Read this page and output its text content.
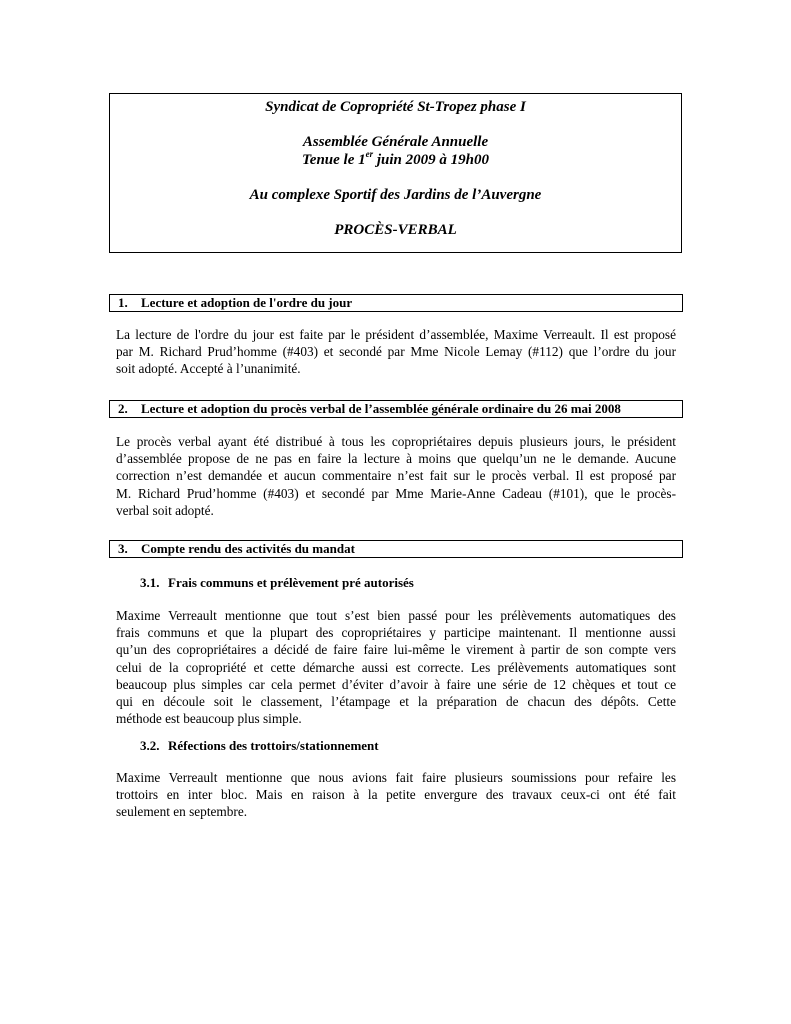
Syndicat de Copropriété St-Tropez phase I
Assemblée Générale Annuelle
Tenue le 1er juin 2009 à 19h00
Au complexe Sportif des Jardins de l’Auvergne
PROCÈS-VERBAL
1. Lecture et adoption de l'ordre du jour
La lecture de l'ordre du jour est faite par le président d’assemblée, Maxime Verreault. Il est proposé
par M. Richard Prud’homme (#403) et secondé par Mme Nicole Lemay (#112) que l’ordre du jour
soit adopté. Accepté à l’unanimité.
2. Lecture et adoption du procès verbal de l’assemblée générale ordinaire du 26 mai 2008
Le procès verbal ayant été distribué à tous les copropriétaires depuis plusieurs jours, le président
d’assemblée propose de ne pas en faire la lecture à moins que quelqu’un ne le demande. Aucune
correction n’est demandée et aucun commentaire n’est fait sur le procès verbal. Il est proposé par
M. Richard Prud’homme (#403) et secondé par Mme Marie-Anne Cadeau (#101), que le procès-
verbal soit adopté.
3. Compte rendu des activités du mandat
3.1. Frais communs et prélèvement pré autorisés
Maxime Verreault mentionne que tout s’est bien passé pour les prélèvements automatiques des
frais communs et que la plupart des copropriétaires y participe maintenant. Il mentionne aussi
qu’un des copropriétaires a décidé de faire faire lui-même le virement à partir de son compte vers
celui de la copropriété et cette démarche aussi est correcte. Les prélèvements automatiques sont
beaucoup plus simples car cela permet d’éviter d’avoir à faire une série de 12 chèques et tout ce
qui en découle soit le classement, l’étampage et la préparation de chacun des dépôts. Cette
méthode est beaucoup plus simple.
3.2. Réfections des trottoirs/stationnement
Maxime Verreault mentionne que nous avions fait faire plusieurs soumissions pour refaire les
trottoirs en inter bloc. Mais en raison à la petite envergure des travaux ceux-ci ont été fait
seulement en septembre.
